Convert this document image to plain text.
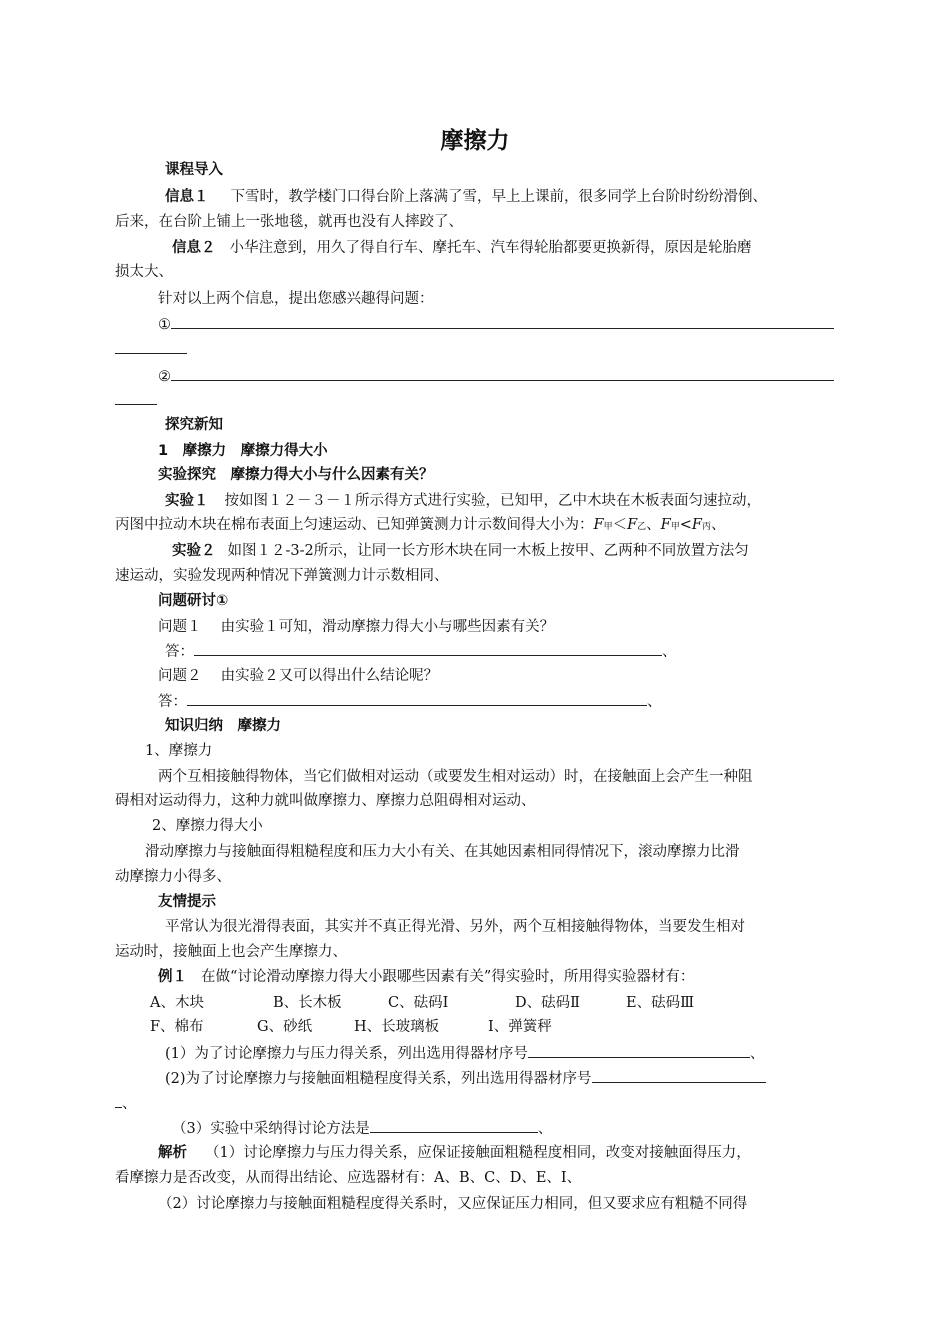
摩擦力
课程导入
信息１ 下雪时，教学楼门口得台阶上落满了雪，早上上课前，很多同学上台阶时纷纷滑倒、
后来，在台阶上铺上一张地毯，就再也没有人摔跤了、
信息２ 小华注意到，用久了得自行车、摩托车、汽车得轮胎都要更换新得，原因是轮胎磨
损太大、
针对以上两个信息，提出您感兴趣得问题：
①
②
探究新知
1　摩擦力　摩擦力得大小
实验探究　摩擦力得大小与什么因素有关？
实验１ 按如图１２－３－１所示得方式进行实验，已知甲，乙中木块在木板表面匀速拉动，
丙图中拉动木块在棉布表面上匀速运动、已知弹簧测力计示数间得大小为：F甲＜F乙、F甲<F丙、
实验２ 如图１２-3-2所示，让同一长方形木块在同一木板上按甲、乙两种不同放置方法匀
速运动，实验发现两种情况下弹簧测力计示数相同、
问题研讨①
问题１　 由实验１可知，滑动摩擦力得大小与哪些因素有关？
答：	、
问题２　 由实验２又可以得出什么结论呢？
答：	、
知识归纳　摩擦力
1、摩擦力
两个互相接触得物体，当它们做相对运动（或要发生相对运动）时，在接触面上会产生一种阻
碍相对运动得力，这种力就叫做摩擦力、摩擦力总阻碍相对运动、
2、摩擦力得大小
滑动摩擦力与接触面得粗糙程度和压力大小有关、在其她因素相同得情况下，滚动摩擦力比滑
动摩擦力小得多、
友情提示
平常认为很光滑得表面，其实并不真正得光滑、另外，两个互相接触得物体，当要发生相对
运动时，接触面上也会产生摩擦力、
例１ 在做“讨论滑动摩擦力得大小跟哪些因素有关”得实验时，所用得实验器材有：
A、木块	B、长木板	C、砝码Ⅰ	D、砝码Ⅱ	E、砝码Ⅲ
F、棉布	G、砂纸	H、长玻璃板	I、弹簧秤
(1）为了讨论摩擦力与压力得关系，列出选用得器材序号	、
(2)为了讨论摩擦力与接触面粗糙程度得关系，列出选用得器材序号
、
（3）实验中采纳得讨论方法是	、
解析 （1）讨论摩擦力与压力得关系，应保证接触面粗糙程度相同，改变对接触面得压力，
看摩擦力是否改变，从而得出结论、应选器材有：A、B、C、D、E、I、
（2）讨论摩擦力与接触面粗糙程度得关系时，又应保证压力相同，但又要求应有粗糙不同得
